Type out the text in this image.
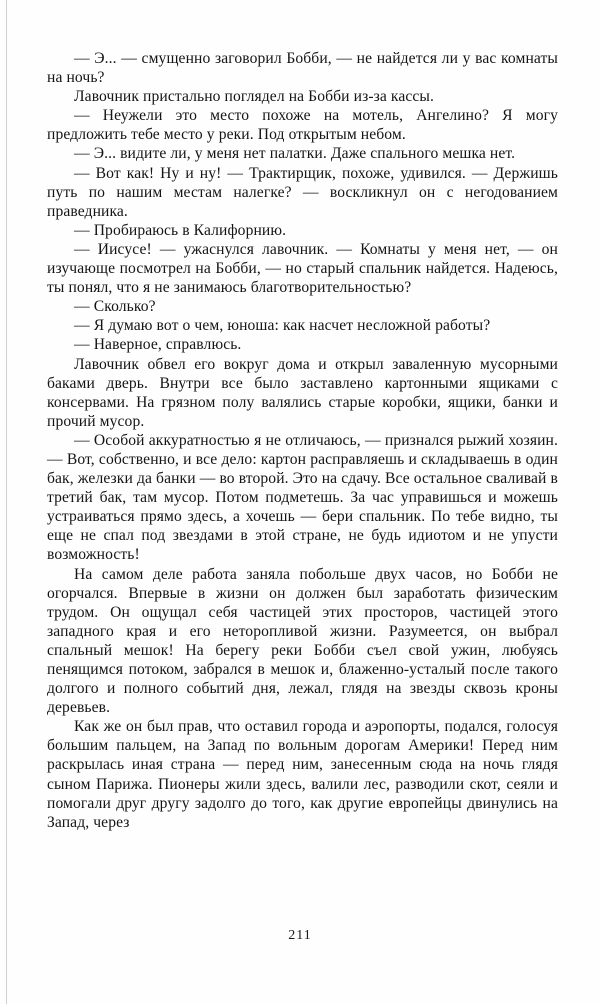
— Э... — смущенно заговорил Бобби, — не найдется ли у вас комнаты на ночь?

Лавочник пристально поглядел на Бобби из-за кассы.

— Неужели это место похоже на мотель, Ангелино? Я могу предложить тебе место у реки. Под открытым небом.

— Э... видите ли, у меня нет палатки. Даже спального мешка нет.

— Вот как! Ну и ну! — Трактирщик, похоже, удивился. — Держишь путь по нашим местам налегке? — воскликнул он с негодованием праведника.

— Пробираюсь в Калифорнию.

— Иисусе! — ужаснулся лавочник. — Комнаты у меня нет, — он изучающе посмотрел на Бобби, — но старый спальник найдется. Надеюсь, ты понял, что я не занимаюсь благотворительностью?

— Сколько?

— Я думаю вот о чем, юноша: как насчет несложной работы?

— Наверное, справлюсь.

Лавочник обвел его вокруг дома и открыл заваленную мусорными баками дверь. Внутри все было заставлено картонными ящиками с консервами. На грязном полу валялись старые коробки, ящики, банки и прочий мусор.

— Особой аккуратностью я не отличаюсь, — признался рыжий хозяин. — Вот, собственно, и все дело: картон расправляешь и складываешь в один бак, железки да банки — во второй. Это на сдачу. Все остальное сваливай в третий бак, там мусор. Потом подметешь. За час управишься и можешь устраиваться прямо здесь, а хочешь — бери спальник. По тебе видно, ты еще не спал под звездами в этой стране, не будь идиотом и не упусти возможность!

На самом деле работа заняла побольше двух часов, но Бобби не огорчался. Впервые в жизни он должен был заработать физическим трудом. Он ощущал себя частицей этих просторов, частицей этого западного края и его неторопливой жизни. Разумеется, он выбрал спальный мешок! На берегу реки Бобби съел свой ужин, любуясь пенящимся потоком, забрался в мешок и, блаженно-усталый после такого долгого и полного событий дня, лежал, глядя на звезды сквозь кроны деревьев.

Как же он был прав, что оставил города и аэропорты, подался, голосуя большим пальцем, на Запад по вольным дорогам Америки! Перед ним раскрылась иная страна — перед ним, занесенным сюда на ночь глядя сыном Парижа. Пионеры жили здесь, валили лес, разводили скот, сеяли и помогали друг другу задолго до того, как другие европейцы двинулись на Запад, через

211
